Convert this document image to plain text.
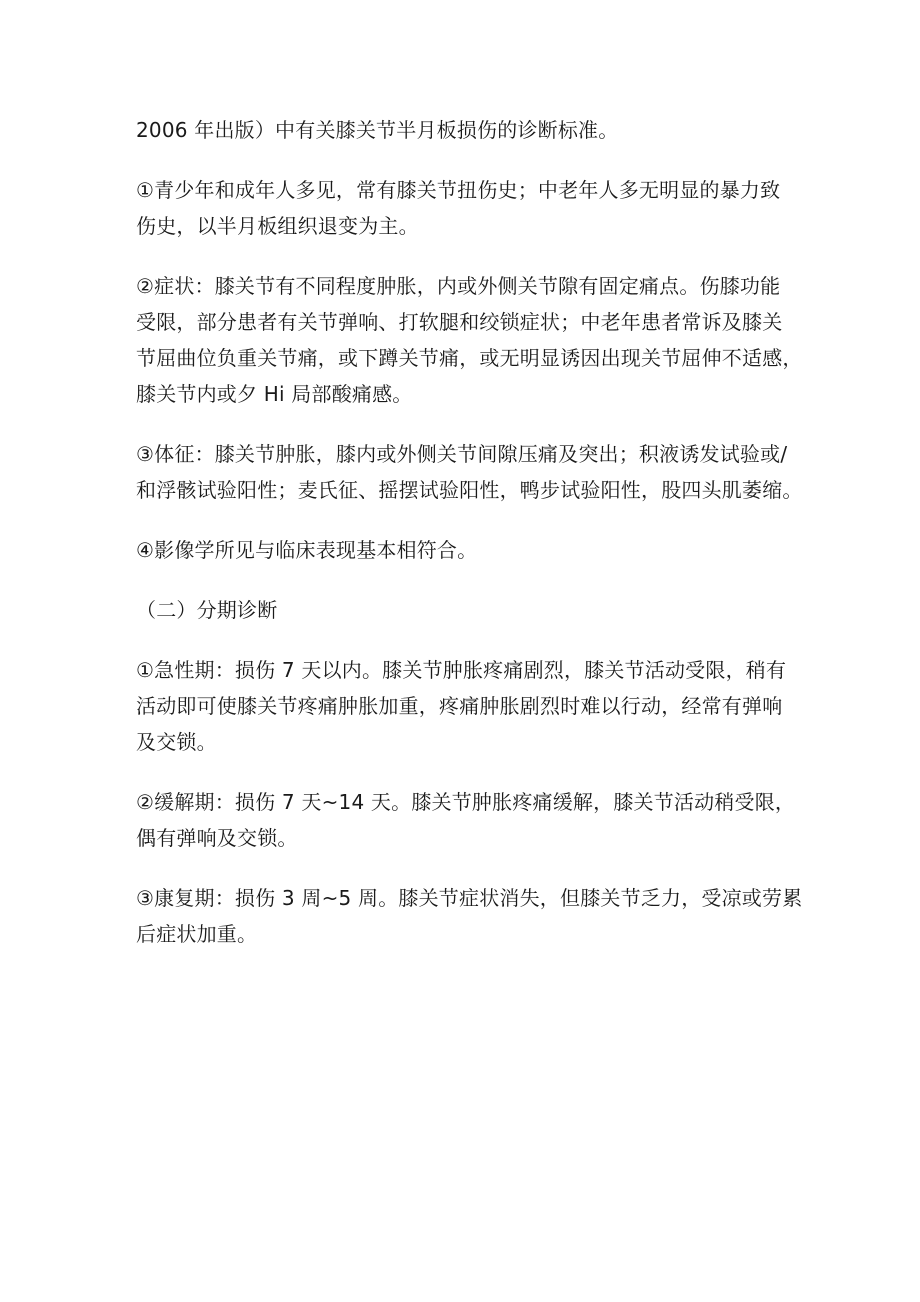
2006 年出版）中有关膝关节半月板损伤的诊断标准。

①青少年和成年人多见，常有膝关节扭伤史；中老年人多无明显的暴力致
伤史，以半月板组织退变为主。

②症状：膝关节有不同程度肿胀，内或外侧关节隙有固定痛点。伤膝功能
受限，部分患者有关节弹响、打软腿和绞锁症状；中老年患者常诉及膝关
节屈曲位负重关节痛，或下蹲关节痛，或无明显诱因出现关节屈伸不适感，
膝关节内或夕 Hi 局部酸痛感。

③体征：膝关节肿胀，膝内或外侧关节间隙压痛及突出；积液诱发试验或/
和浮骸试验阳性；麦氏征、摇摆试验阳性，鸭步试验阳性，股四头肌萎缩。

④影像学所见与临床表现基本相符合。

（二）分期诊断

①急性期：损伤 7 天以内。膝关节肿胀疼痛剧烈，膝关节活动受限，稍有
活动即可使膝关节疼痛肿胀加重，疼痛肿胀剧烈时难以行动，经常有弹响
及交锁。

②缓解期：损伤 7 天~14 天。膝关节肿胀疼痛缓解，膝关节活动稍受限，
偶有弹响及交锁。

③康复期：损伤 3 周~5 周。膝关节症状消失，但膝关节乏力，受凉或劳累
后症状加重。
